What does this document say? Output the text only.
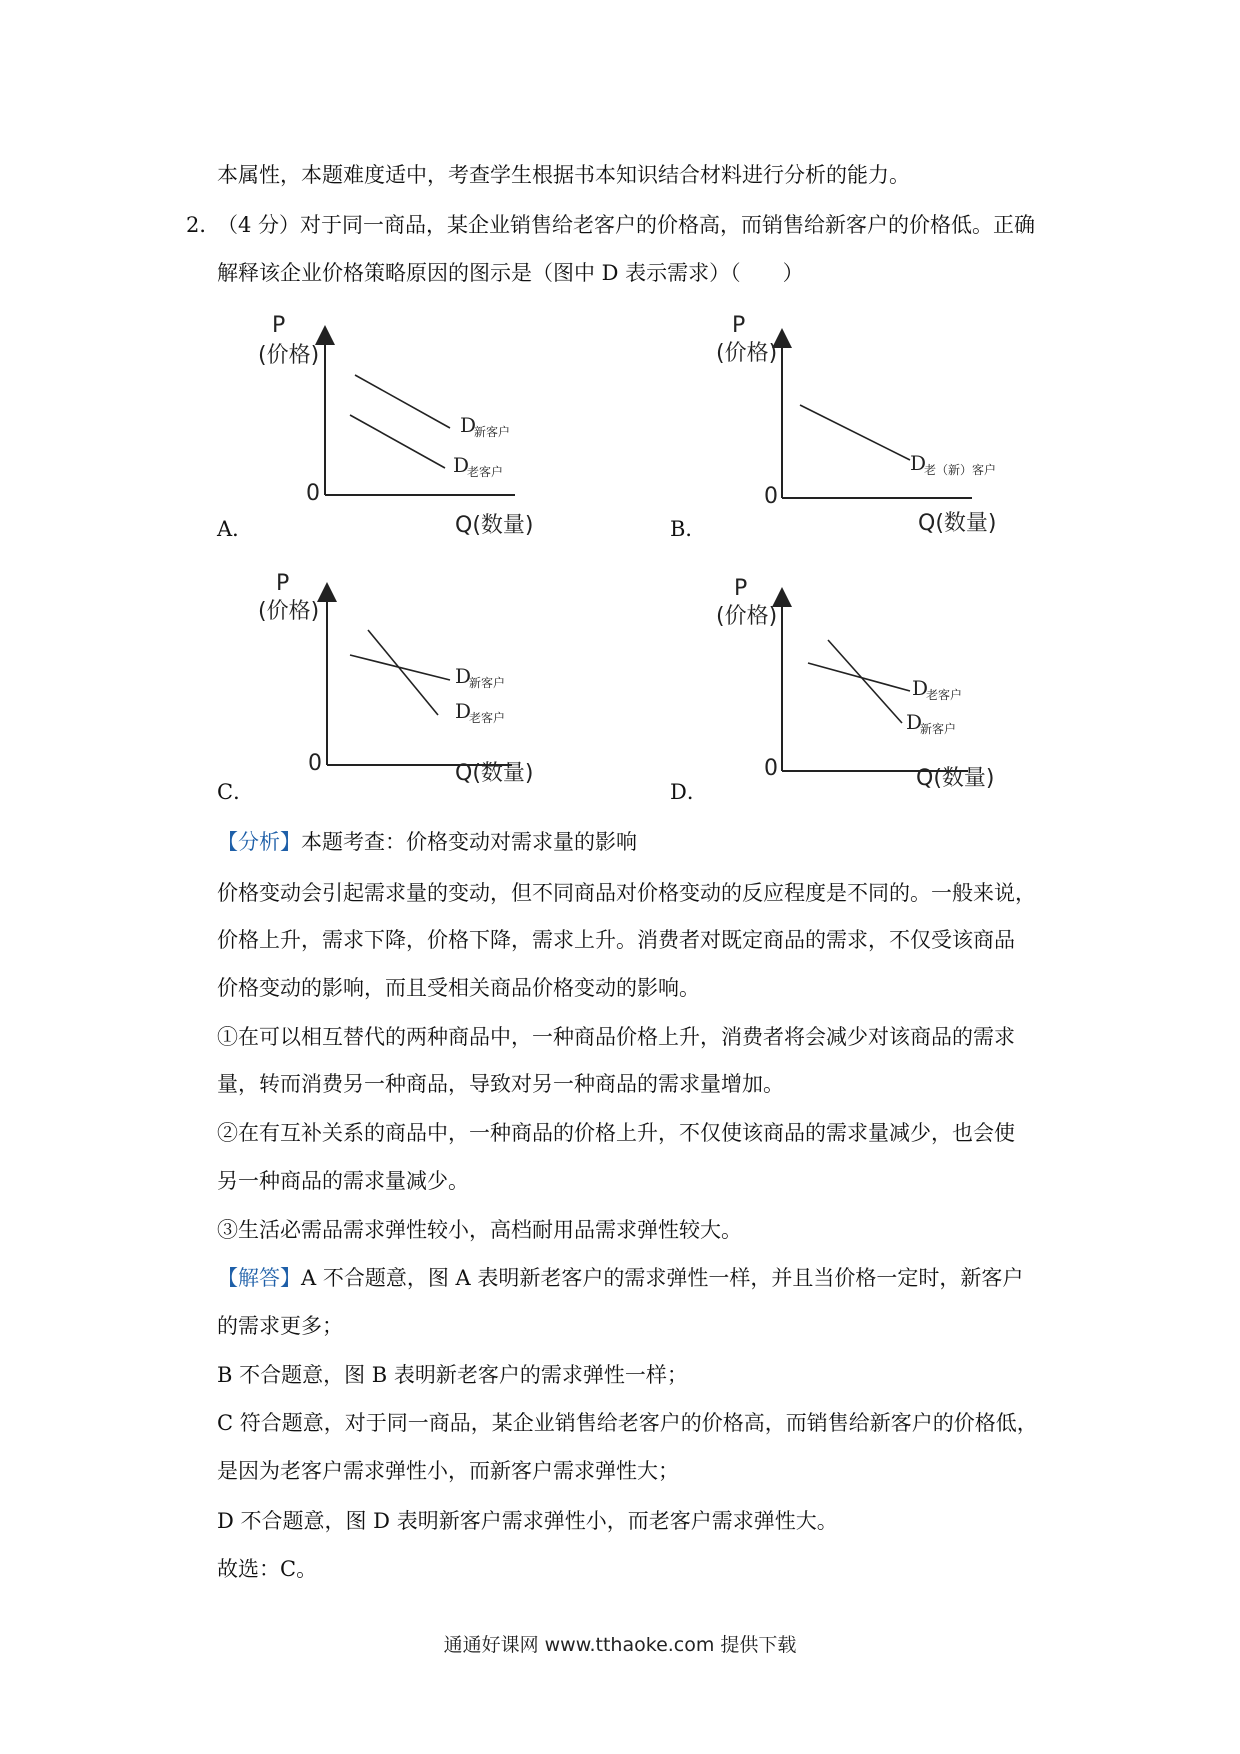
本属性，本题难度适中，考查学生根据书本知识结合材料进行分析的能力。
2．
（4 分）对于同一商品，某企业销售给老客户的价格高，而销售给新客户的价格低。正确
解释该企业价格策略原因的图示是（图中 D 表示需求）（　　）
P
(价格)
0
Q(数量)
D
新客户
D
老客户
A．
P
(价格)
0
Q(数量)
D
老（新）客户
B．
P
(价格)
0	Q(数量)
D
新客户
D
老客户
C．
P
(价格)
0	Q(数量)
D
老客户
D
新客户
D．
【分析】本题考查：价格变动对需求量的影响
价格变动会引起需求量的变动，但不同商品对价格变动的反应程度是不同的。一般来说，
价格上升，需求下降，价格下降，需求上升。消费者对既定商品的需求，不仅受该商品
价格变动的影响，而且受相关商品价格变动的影响。
①在可以相互替代的两种商品中，一种商品价格上升，消费者将会减少对该商品的需求
量，转而消费另一种商品，导致对另一种商品的需求量增加。
②在有互补关系的商品中，一种商品的价格上升，不仅使该商品的需求量减少，也会使
另一种商品的需求量减少。
③生活必需品需求弹性较小，高档耐用品需求弹性较大。
【解答】A 不合题意，图 A 表明新老客户的需求弹性一样，并且当价格一定时，新客户
的需求更多；
B 不合题意，图 B 表明新老客户的需求弹性一样；
C 符合题意，对于同一商品，某企业销售给老客户的价格高，而销售给新客户的价格低，
是因为老客户需求弹性小，而新客户需求弹性大；
D 不合题意，图 D 表明新客户需求弹性小，而老客户需求弹性大。
故选：C。
通通好课网 www.tthaoke.com 提供下载
